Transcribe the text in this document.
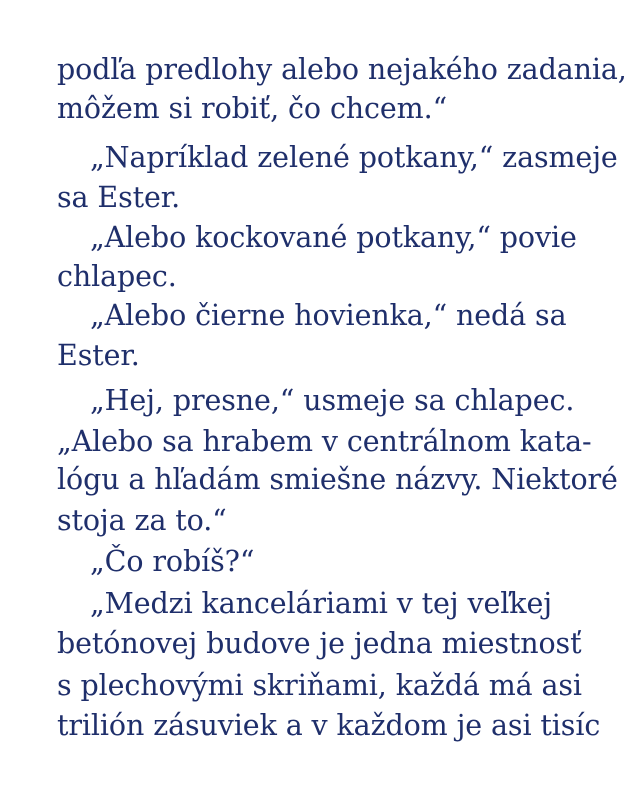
podľa predlohy alebo nejakého zadania,
môžem si robiť, čo chcem.“
„Napríklad zelené potkany,“ zasmeje
sa Ester.
„Alebo kockované potkany,“ povie
chlapec.
„Alebo čierne hovienka,“ nedá sa
Ester.
„Hej, presne,“ usmeje sa chlapec.
„Alebo sa hrabem v centrálnom kata-
lógu a hľadám smiešne názvy. Niektoré
stoja za to.“
„Čo robíš?“
„Medzi kanceláriami v tej veľkej
betónovej budove je jedna miestnosť
s plechovými skriňami, každá má asi
trilión zásuviek a v každom je asi tisíc
